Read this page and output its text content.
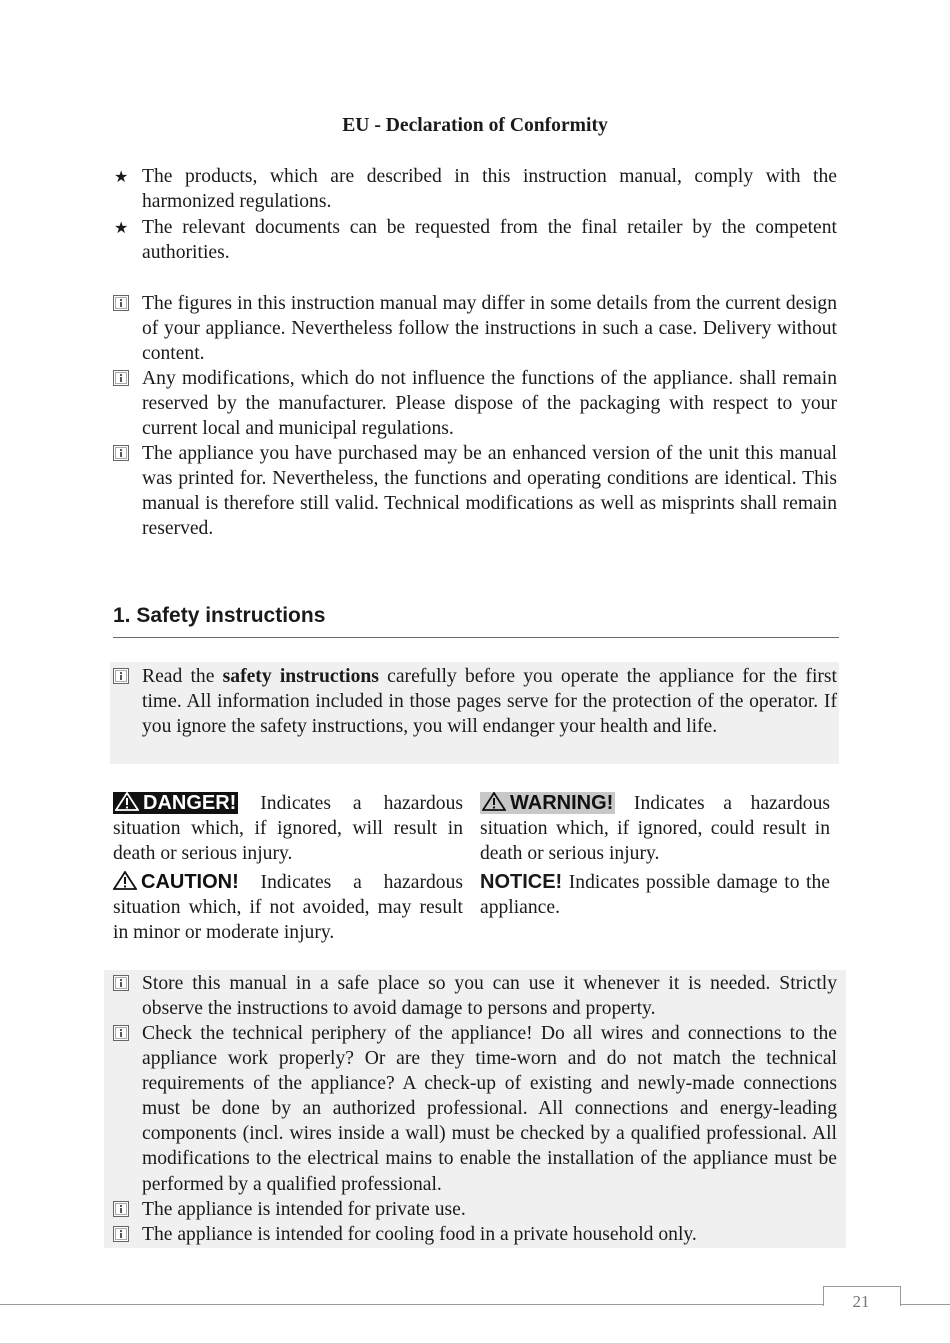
EU - Declaration of Conformity
★ The products, which are described in this instruction manual, comply with the harmonized regulations.
★ The relevant documents can be requested from the final retailer by the competent authorities.
The figures in this instruction manual may differ in some details from the current design of your appliance. Nevertheless follow the instructions in such a case. Delivery without content.
Any modifications, which do not influence the functions of the appliance. shall remain reserved by the manufacturer. Please dispose of the packaging with respect to your current local and municipal regulations.
The appliance you have purchased may be an enhanced version of the unit this manual was printed for. Nevertheless, the functions and operating conditions are identical. This manual is therefore still valid. Technical modifications as well as misprints shall remain reserved.
1. Safety instructions
Read the safety instructions carefully before you operate the appliance for the first time. All information included in those pages serve for the protection of the operator. If you ignore the safety instructions, you will endanger your health and life.
DANGER! Indicates a hazardous situation which, if ignored, will result in death or serious injury.
CAUTION! Indicates a hazardous situation which, if not avoided, may result in minor or moderate injury.
WARNING! Indicates a hazardous situation which, if ignored, could result in death or serious injury.
NOTICE! Indicates possible damage to the appliance.
Store this manual in a safe place so you can use it whenever it is needed. Strictly observe the instructions to avoid damage to persons and property.
Check the technical periphery of the appliance! Do all wires and connections to the appliance work properly? Or are they time-worn and do not match the technical requirements of the appliance? A check-up of existing and newly-made connections must be done by an authorized professional. All connections and energy-leading components (incl. wires inside a wall) must be checked by a qualified professional. All modifications to the electrical mains to enable the installation of the appliance must be performed by a qualified professional.
The appliance is intended for private use.
The appliance is intended for cooling food in a private household only.
21
